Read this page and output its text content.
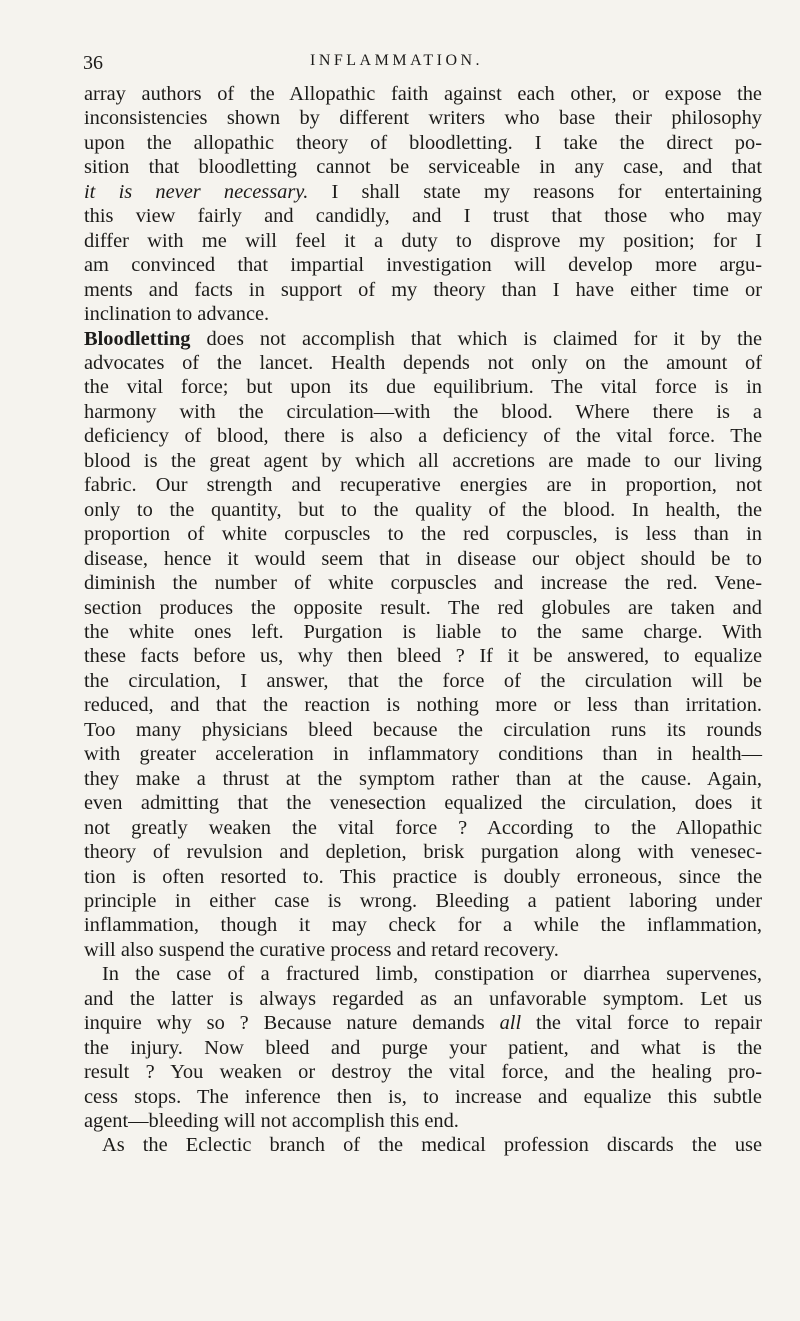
36	INFLAMMATION.
array authors of the Allopathic faith against each other, or expose the
inconsistencies shown by different writers who base their philosophy
upon the allopathic theory of bloodletting. I take the direct po-
sition that bloodletting cannot be serviceable in any case, and that
it is never necessary. I shall state my reasons for entertaining
this view fairly and candidly, and I trust that those who may
differ with me will feel it a duty to disprove my position; for I
am convinced that impartial investigation will develop more argu-
ments and facts in support of my theory than I have either time or
inclination to advance.
Bloodletting does not accomplish that which is claimed for it by the
advocates of the lancet. Health depends not only on the amount of
the vital force; but upon its due equilibrium. The vital force is in
harmony with the circulation—with the blood. Where there is a
deficiency of blood, there is also a deficiency of the vital force. The
blood is the great agent by which all accretions are made to our living
fabric. Our strength and recuperative energies are in proportion, not
only to the quantity, but to the quality of the blood. In health, the
proportion of white corpuscles to the red corpuscles, is less than in
disease, hence it would seem that in disease our object should be to
diminish the number of white corpuscles and increase the red. Vene-
section produces the opposite result. The red globules are taken and
the white ones left. Purgation is liable to the same charge. With
these facts before us, why then bleed ? If it be answered, to equalize
the circulation, I answer, that the force of the circulation will be
reduced, and that the reaction is nothing more or less than irritation.
Too many physicians bleed because the circulation runs its rounds
with greater acceleration in inflammatory conditions than in health—
they make a thrust at the symptom rather than at the cause. Again,
even admitting that the venesection equalized the circulation, does it
not greatly weaken the vital force ? According to the Allopathic
theory of revulsion and depletion, brisk purgation along with venesec-
tion is often resorted to. This practice is doubly erroneous, since the
principle in either case is wrong. Bleeding a patient laboring under
inflammation, though it may check for a while the inflammation,
will also suspend the curative process and retard recovery.
In the case of a fractured limb, constipation or diarrhea supervenes,
and the latter is always regarded as an unfavorable symptom. Let us
inquire why so ? Because nature demands all the vital force to repair
the injury. Now bleed and purge your patient, and what is the
result ? You weaken or destroy the vital force, and the healing pro-
cess stops. The inference then is, to increase and equalize this subtle
agent—bleeding will not accomplish this end.
As the Eclectic branch of the medical profession discards the use
